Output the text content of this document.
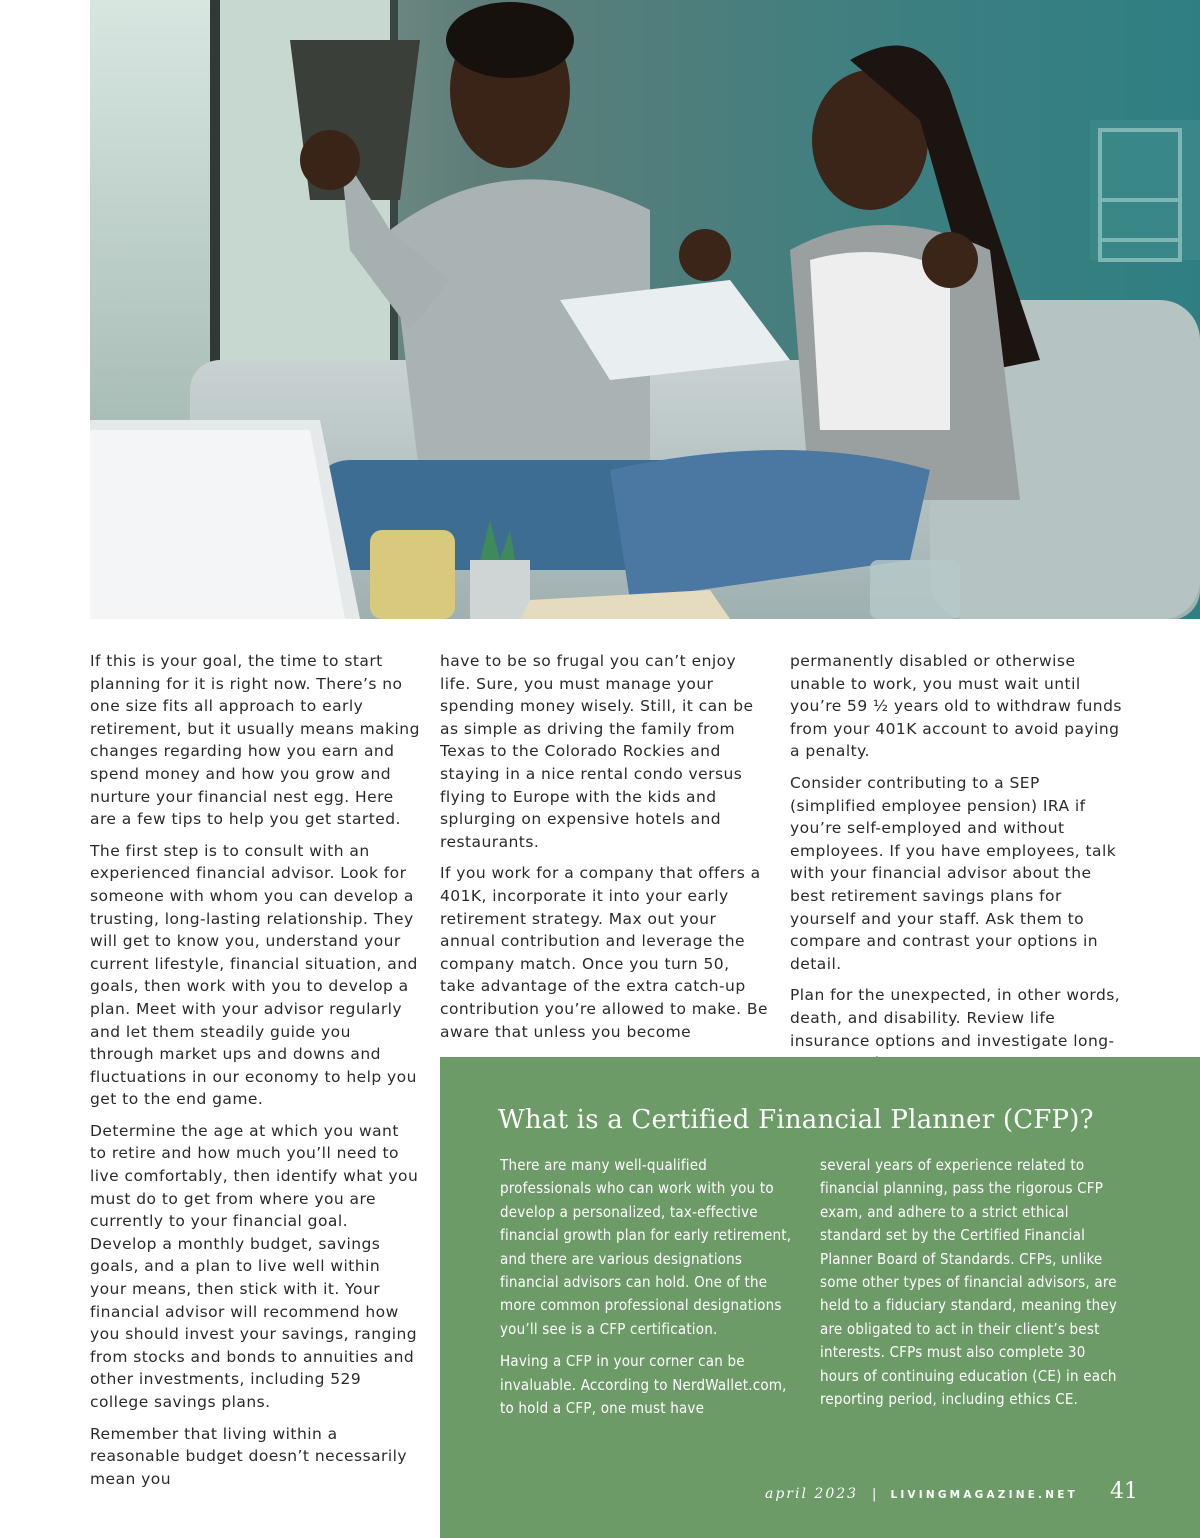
If this is your goal, the time to start planning for it is right now. There’s no one size fits all approach to early retirement, but it usually means making changes regarding how you earn and spend money and how you grow and nurture your financial nest egg. Here are a few tips to help you get started.

The first step is to consult with an experienced financial advisor. Look for someone with whom you can develop a trusting, long-lasting relationship. They will get to know you, understand your current lifestyle, financial situation, and goals, then work with you to develop a plan. Meet with your advisor regularly and let them steadily guide you through market ups and downs and fluctuations in our economy to help you get to the end game.

Determine the age at which you want to retire and how much you’ll need to live comfortably, then identify what you must do to get from where you are currently to your financial goal. Develop a monthly budget, savings goals, and a plan to live well within your means, then stick with it. Your financial advisor will recommend how you should invest your savings, ranging from stocks and bonds to annuities and other investments, including 529 college savings plans.

Remember that living within a reasonable budget doesn’t necessarily mean you

have to be so frugal you can’t enjoy life. Sure, you must manage your spending money wisely. Still, it can be as simple as driving the family from Texas to the Colorado Rockies and staying in a nice rental condo versus flying to Europe with the kids and splurging on expensive hotels and restaurants.

If you work for a company that offers a 401K, incorporate it into your early retirement strategy. Max out your annual contribution and leverage the company match. Once you turn 50, take advantage of the extra catch-up contribution you’re allowed to make. Be aware that unless you become

permanently disabled or otherwise unable to work, you must wait until you’re 59 ½ years old to withdraw funds from your 401K account to avoid paying a penalty.

Consider contributing to a SEP (simplified employee pension) IRA if you’re self-employed and without employees. If you have employees, talk with your financial advisor about the best retirement savings plans for yourself and your staff. Ask them to compare and contrast your options in detail.

Plan for the unexpected, in other words, death, and disability. Review life insurance options and investigate long-

What is a Certified Financial Planner (CFP)?

There are many well-qualified professionals who can work with you to develop a personalized, tax-effective financial growth plan for early retirement, and there are various designations financial advisors can hold. One of the more common professional designations you’ll see is a CFP certification.

Having a CFP in your corner can be invaluable. According to NerdWallet.com, to hold a CFP, one must have

several years of experience related to financial planning, pass the rigorous CFP exam, and adhere to a strict ethical standard set by the Certified Financial Planner Board of Standards. CFPs, unlike some other types of financial advisors, are held to a fiduciary standard, meaning they are obligated to act in their client’s best interests. CFPs must also complete 30 hours of continuing education (CE) in each reporting period, including ethics CE.

april 2023 | LIVINGMAGAZINE.NET 41
